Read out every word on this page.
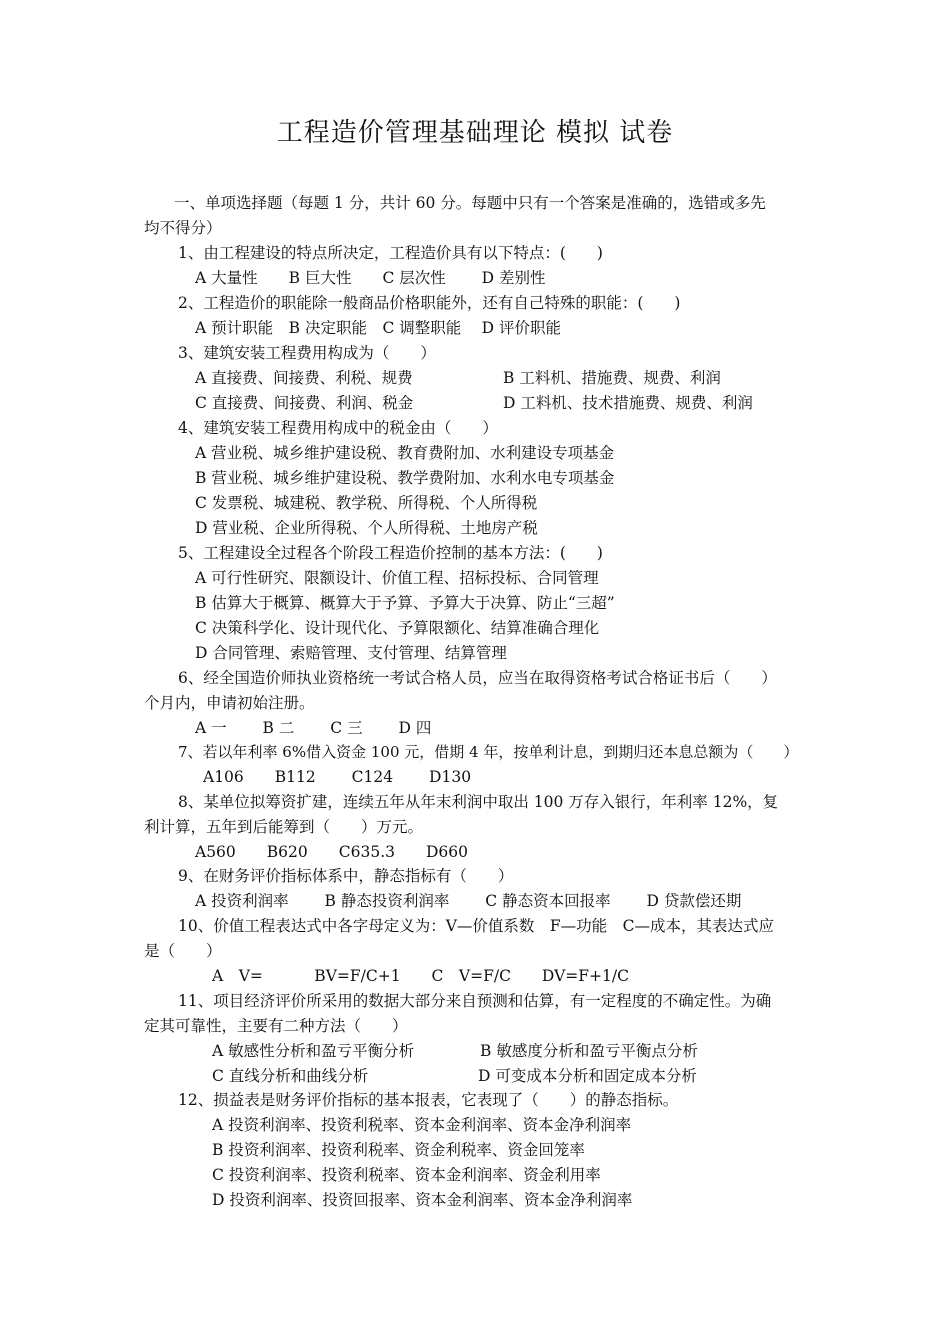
工程造价管理基础理论 模拟 试卷
一、单项选择题（每题 1 分，共计 60 分。每题中只有一个答案是准确的，选错或多先
均不得分）
1、由工程建设的特点所决定，工程造价具有以下特点：(　　)
A 大量性　　B 巨大性　　C 层次性　　 D 差别性
2、工程造价的职能除一般商品价格职能外，还有自己特殊的职能：(　　)
A 预计职能　B 决定职能　C 调整职能　 D 评价职能
3、建筑安装工程费用构成为（　　）
A 直接费、间接费、利税、规费	B 工料机、措施费、规费、利润
C 直接费、间接费、利润、税金	D 工料机、技术措施费、规费、利润
4、建筑安装工程费用构成中的税金由（　　）
A 营业税、城乡维护建设税、教育费附加、水利建设专项基金
B 营业税、城乡维护建设税、教学费附加、水利水电专项基金
C 发票税、城建税、教学税、所得税、个人所得税
D 营业税、企业所得税、个人所得税、土地房产税
5、工程建设全过程各个阶段工程造价控制的基本方法：(　　)
A 可行性研究、限额设计、价值工程、招标投标、合同管理
B 估算大于概算、概算大于予算、予算大于决算、防止“三超”
C 决策科学化、设计现代化、予算限额化、结算准确合理化
D 合同管理、索赔管理、支付管理、结算管理
6、经全国造价师执业资格统一考试合格人员，应当在取得资格考试合格证书后（　　）
个月内，申请初始注册。
A 一　　 B 二　　 C 三　　 D 四
7、若以年利率 6%借入资金 100 元，借期 4 年，按单利计息，到期归还本息总额为（　　）
A106　　B112　　 C124　　 D130
8、某单位拟筹资扩建，连续五年从年末利润中取出 100 万存入银行，年利率 12%，复
利计算，五年到后能筹到（　　）万元。
A560　　B620　　C635.3　　D660
9、在财务评价指标体系中，静态指标有（　　）
A 投资利润率　　 B 静态投资利润率　　 C 静态资本回报率　　 D 贷款偿还期
10、价值工程表达式中各字母定义为：V—价值系数　F—功能　C—成本，其表达式应
是（　　）
A　V=　　　 BV=F/C+1　　C　V=F/C　　DV=F+1/C
11、项目经济评价所采用的数据大部分来自预测和估算，有一定程度的不确定性。为确
定其可靠性，主要有二种方法（　　）
A 敏感性分析和盈亏平衡分析	B 敏感度分析和盈亏平衡点分析
C 直线分析和曲线分析	D 可变成本分析和固定成本分析
12、损益表是财务评价指标的基本报表，它表现了（　　）的静态指标。
A 投资利润率、投资利税率、资本金利润率、资本金净利润率
B 投资利润率、投资利税率、资金利税率、资金回笼率
C 投资利润率、投资利税率、资本金利润率、资金利用率
D 投资利润率、投资回报率、资本金利润率、资本金净利润率
